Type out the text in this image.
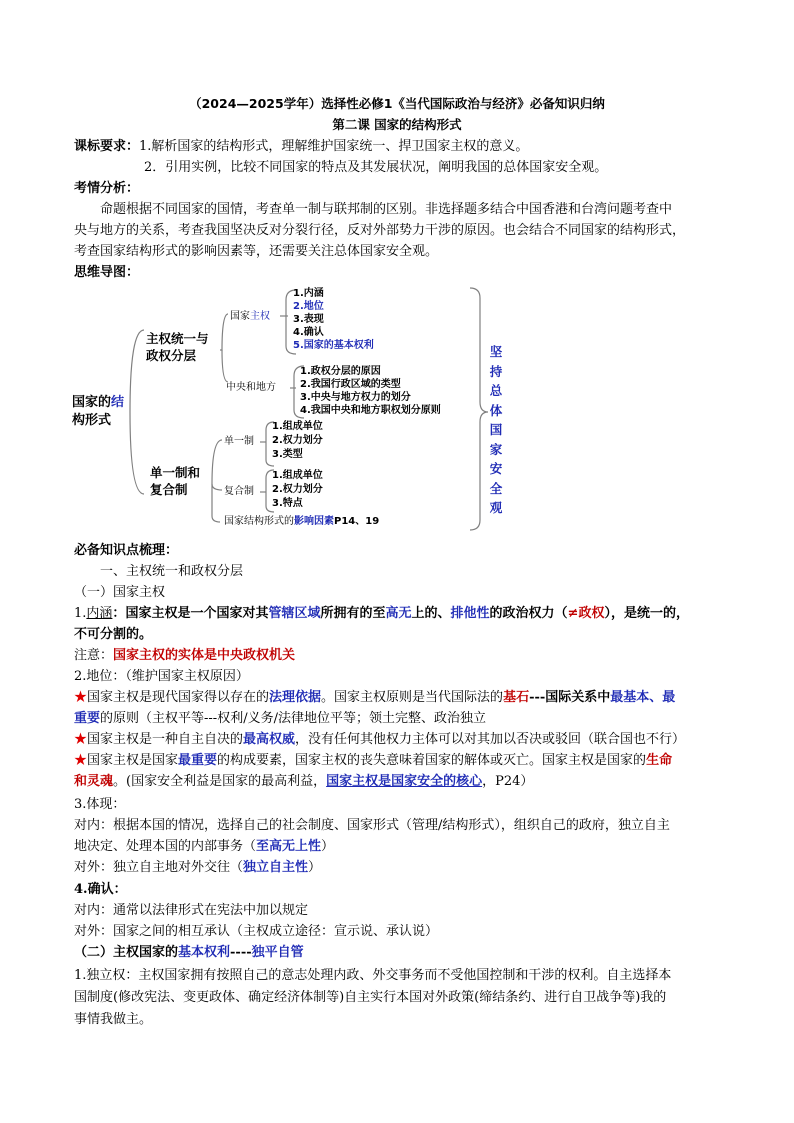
（2024—2025学年）选择性必修1《当代国际政治与经济》必备知识归纳
第二课 国家的结构形式
课标要求：1.解析国家的结构形式，理解维护国家统一、捍卫国家主权的意义。
2．引用实例，比较不同国家的特点及其发展状况，阐明我国的总体国家安全观。
考情分析：
命题根据不同国家的国情，考查单一制与联邦制的区别。非选择题多结合中国香港和台湾问题考查中
央与地方的关系，考查我国坚决反对分裂行径，反对外部势力干涉的原因。也会结合不同国家的结构形式，
考查国家结构形式的影响因素等，还需要关注总体国家安全观。
思维导图：
国家的结
构形式
主权统一与
政权分层
国家主权
1.内涵
2.地位
3.表现
4.确认
5.国家的基本权利
中央和地方
1.政权分层的原因
2.我国行政区域的类型
3.中央与地方权力的划分
4.我国中央和地方职权划分原则
单一制和
复合制
单一制
1.组成单位
2.权力划分
3.类型
复合制
1.组成单位
2.权力划分
3.特点
国家结构形式的影响因素P14、19
坚持总体国家安全观
必备知识点梳理：
一、主权统一和政权分层
（一）国家主权
1.内涵：国家主权是一个国家对其管辖区域所拥有的至高无上的、排他性的政治权力（≠政权），是统一的，
不可分割的。
注意：国家主权的实体是中央政权机关
2.地位：（维护国家主权原因）
★国家主权是现代国家得以存在的法理依据。国家主权原则是当代国际法的基石---国际关系中最基本、最
重要的原则（主权平等---权利/义务/法律地位平等；领土完整、政治独立
★国家主权是一种自主自决的最高权威，没有任何其他权力主体可以对其加以否决或驳回（联合国也不行）
★国家主权是国家最重要的构成要素，国家主权的丧失意味着国家的解体或灭亡。国家主权是国家的生命
和灵魂。(国家安全利益是国家的最高利益，国家主权是国家安全的核心，P24）
3.体现：
对内：根据本国的情况，选择自己的社会制度、国家形式（管理/结构形式），组织自己的政府，独立自主
地决定、处理本国的内部事务（至高无上性）
对外：独立自主地对外交往（独立自主性）
4.确认：
对内：通常以法律形式在宪法中加以规定
对外：国家之间的相互承认（主权成立途径：宣示说、承认说）
（二）主权国家的基本权利----独平自管
1.独立权：主权国家拥有按照自己的意志处理内政、外交事务而不受他国控制和干涉的权利。自主选择本
国制度(修改宪法、变更政体、确定经济体制等)自主实行本国对外政策(缔结条约、进行自卫战争等)我的
事情我做主。
